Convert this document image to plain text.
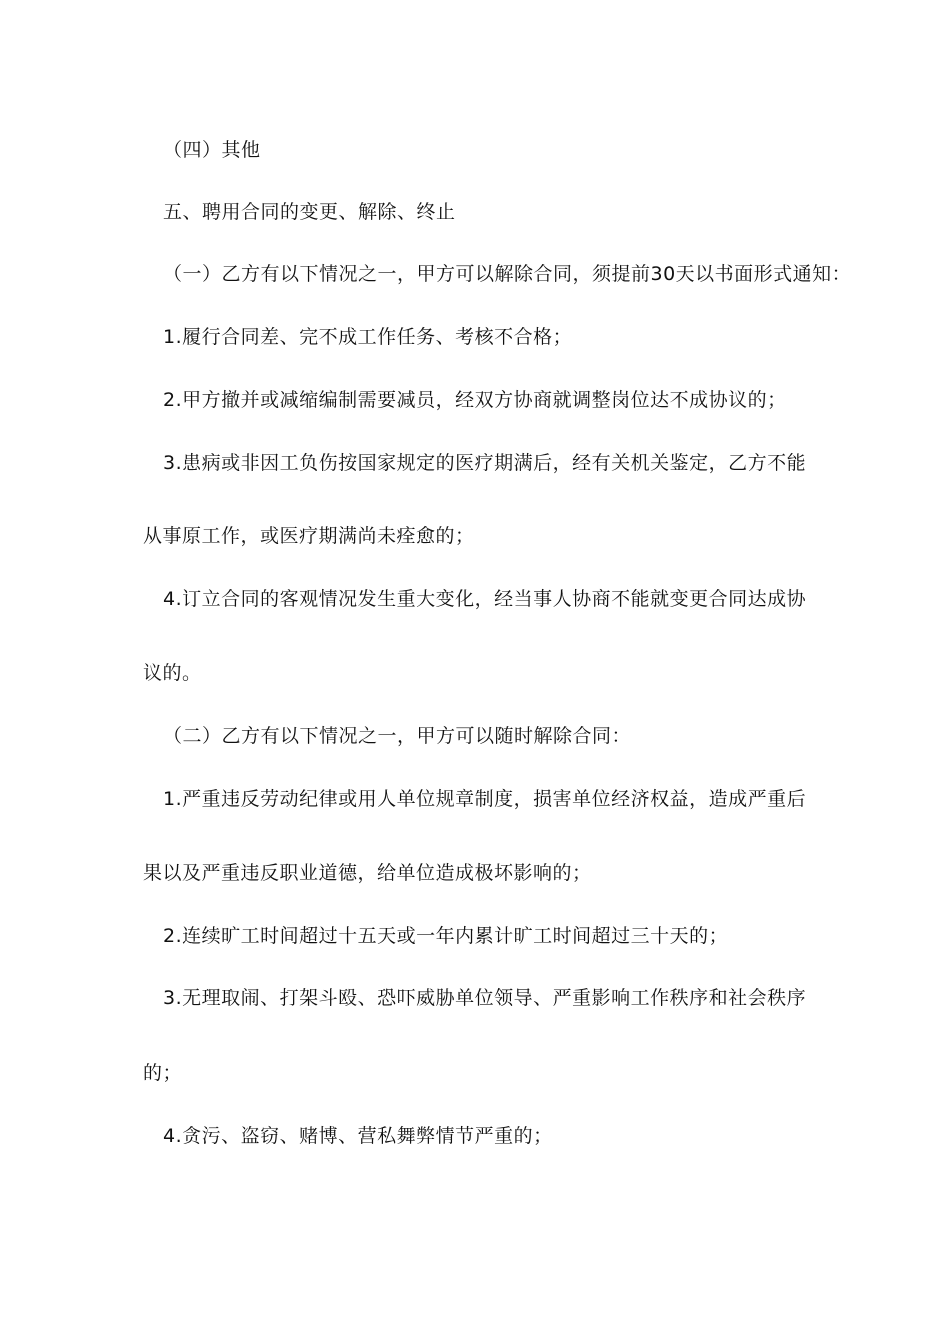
（四）其他
五、聘用合同的变更、解除、终止
（一）乙方有以下情况之一，甲方可以解除合同，须提前30天以书面形式通知：
1.履行合同差、完不成工作任务、考核不合格；
2.甲方撤并或减缩编制需要减员，经双方协商就调整岗位达不成协议的；
3.患病或非因工负伤按国家规定的医疗期满后，经有关机关鉴定，乙方不能
从事原工作，或医疗期满尚未痊愈的；
4.订立合同的客观情况发生重大变化，经当事人协商不能就变更合同达成协
议的。
（二）乙方有以下情况之一，甲方可以随时解除合同：
1.严重违反劳动纪律或用人单位规章制度，损害单位经济权益，造成严重后
果以及严重违反职业道德，给单位造成极坏影响的；
2.连续旷工时间超过十五天或一年内累计旷工时间超过三十天的；
3.无理取闹、打架斗殴、恐吓威胁单位领导、严重影响工作秩序和社会秩序
的；
4.贪污、盗窃、赌博、营私舞弊情节严重的；
